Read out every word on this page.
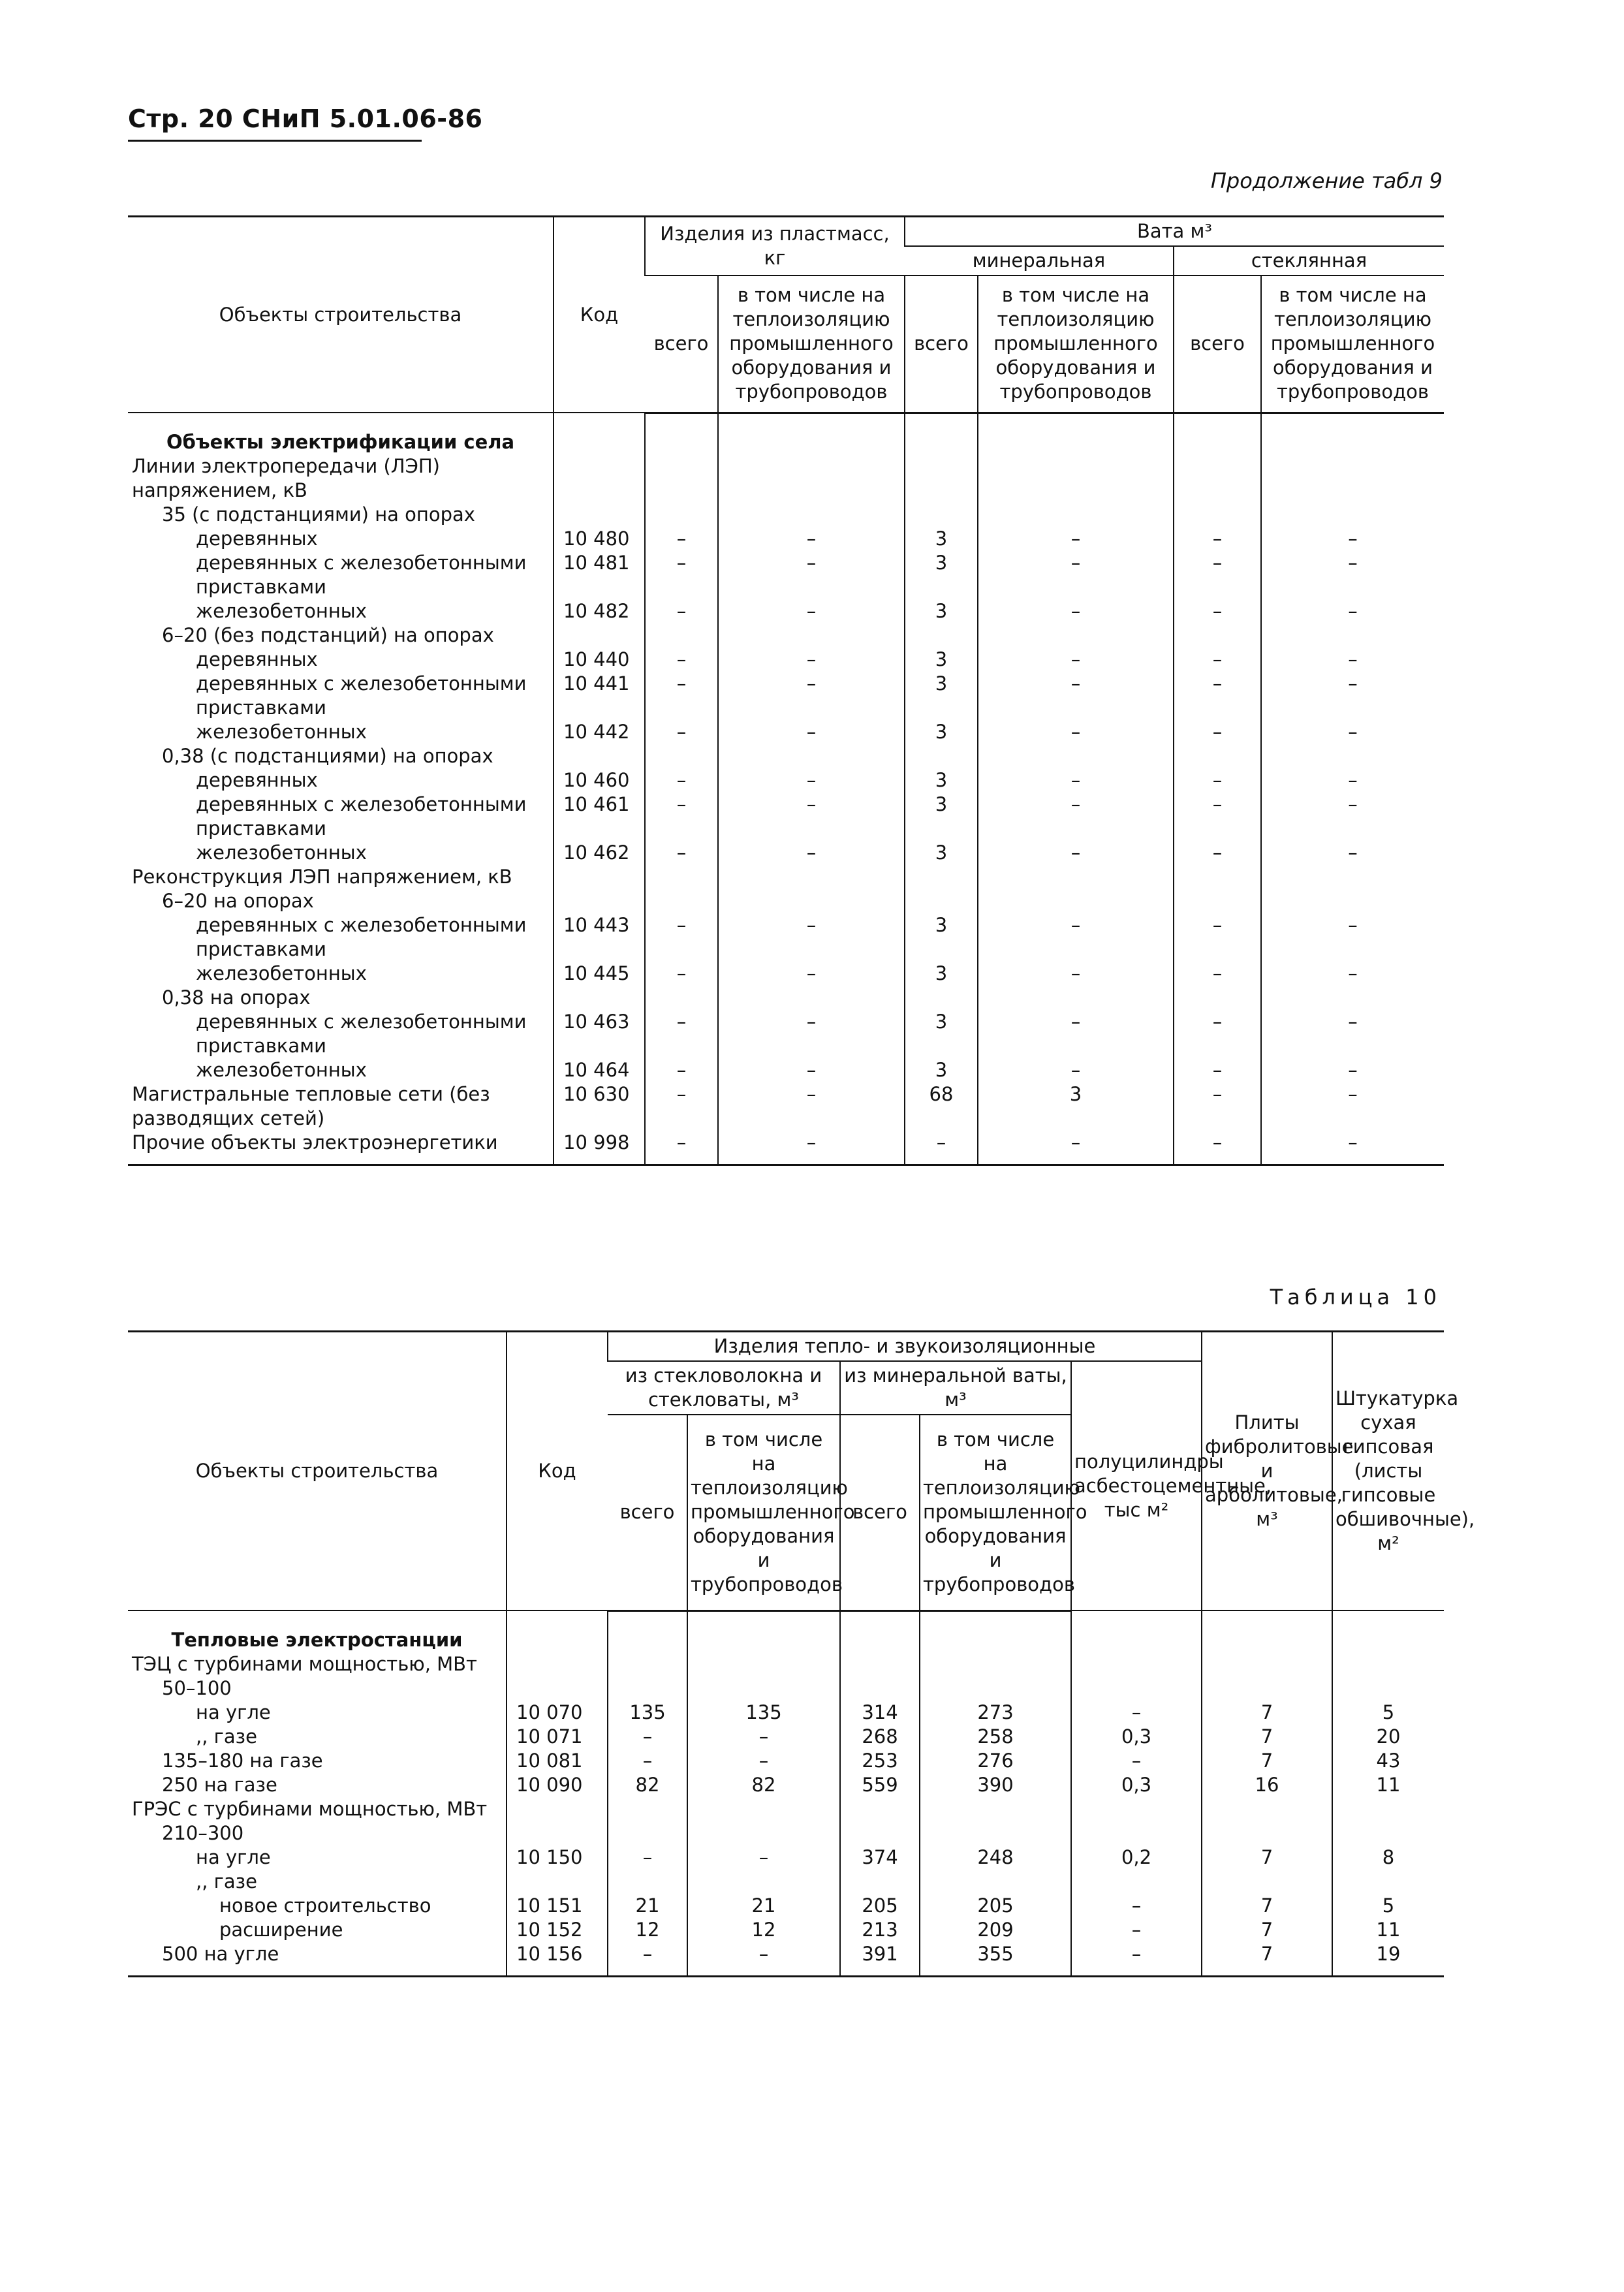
Стр. 20 СНиП 5.01.06-86
Продолжение табл 9
Объекты строительства	Код	Изделия из пластмасс, кг		Вата м³			
				минеральная		стеклянная	
		всего	в том числе на теплоизоляцию промышленного оборудования и трубопроводов	всего	в том числе на теплоизоляцию промышленного оборудования и трубопроводов	всего	в том числе на теплоизоляцию промышленного оборудования и трубопроводов
Объекты электрификации села							
Линии электропередачи (ЛЭП) напряжением, кВ							
35 (с подстанциями) на опорах							
деревянных	10 480	–	–	3	–	–	–
деревянных с железобетонными приставками	10 481	–	–	3	–	–	–
железобетонных	10 482	–	–	3	–	–	–
6–20 (без подстанций) на опорах							
деревянных	10 440	–	–	3	–	–	–
деревянных с железобетонными приставками	10 441	–	–	3	–	–	–
железобетонных	10 442	–	–	3	–	–	–
0,38 (с подстанциями) на опорах							
деревянных	10 460	–	–	3	–	–	–
деревянных с железобетонными приставками	10 461	–	–	3	–	–	–
железобетонных	10 462	–	–	3	–	–	–
Реконструкция ЛЭП напряжением, кВ							
6–20 на опорах							
деревянных с железобетонными приставками	10 443	–	–	3	–	–	–
железобетонных	10 445	–	–	3	–	–	–
0,38 на опорах							
деревянных с железобетонными приставками	10 463	–	–	3	–	–	–
железобетонных	10 464	–	–	3	–	–	–
Магистральные тепловые сети (без разводящих сетей)	10 630	–	–	68	3	–	–
Прочие объекты электроэнергетики	10 998	–	–	–	–	–	–
Таблица 10
Объекты строительства	Код	Изделия тепло- и звукоизоляционные					Плиты фибролитовые и арболитовые, м³	Штукатурка сухая гипсовая (листы гипсовые обшивочные), м²
		из стекловолокна и стекловаты, м³		из минеральной ваты, м³		полуцилиндры асбестоцементные, тыс м²		
		всего	в том числе на теплоизоляцию промышленного оборудования и трубопроводов	всего	в том числе на теплоизоляцию промышленного оборудования и трубопроводов			
Тепловые электростанции								
ТЭЦ с турбинами мощностью, МВт								
50–100								
на угле	10 070	135	135	314	273	–	7	5
,, газе	10 071	–	–	268	258	0,3	7	20
135–180 на газе	10 081	–	–	253	276	–	7	43
250 на газе	10 090	82	82	559	390	0,3	16	11
ГРЭС с турбинами мощностью, МВт								
210–300								
на угле	10 150	–	–	374	248	0,2	7	8
,, газе								
новое строительство	10 151	21	21	205	205	–	7	5
расширение	10 152	12	12	213	209	–	7	11
500 на угле	10 156	–	–	391	355	–	7	19
